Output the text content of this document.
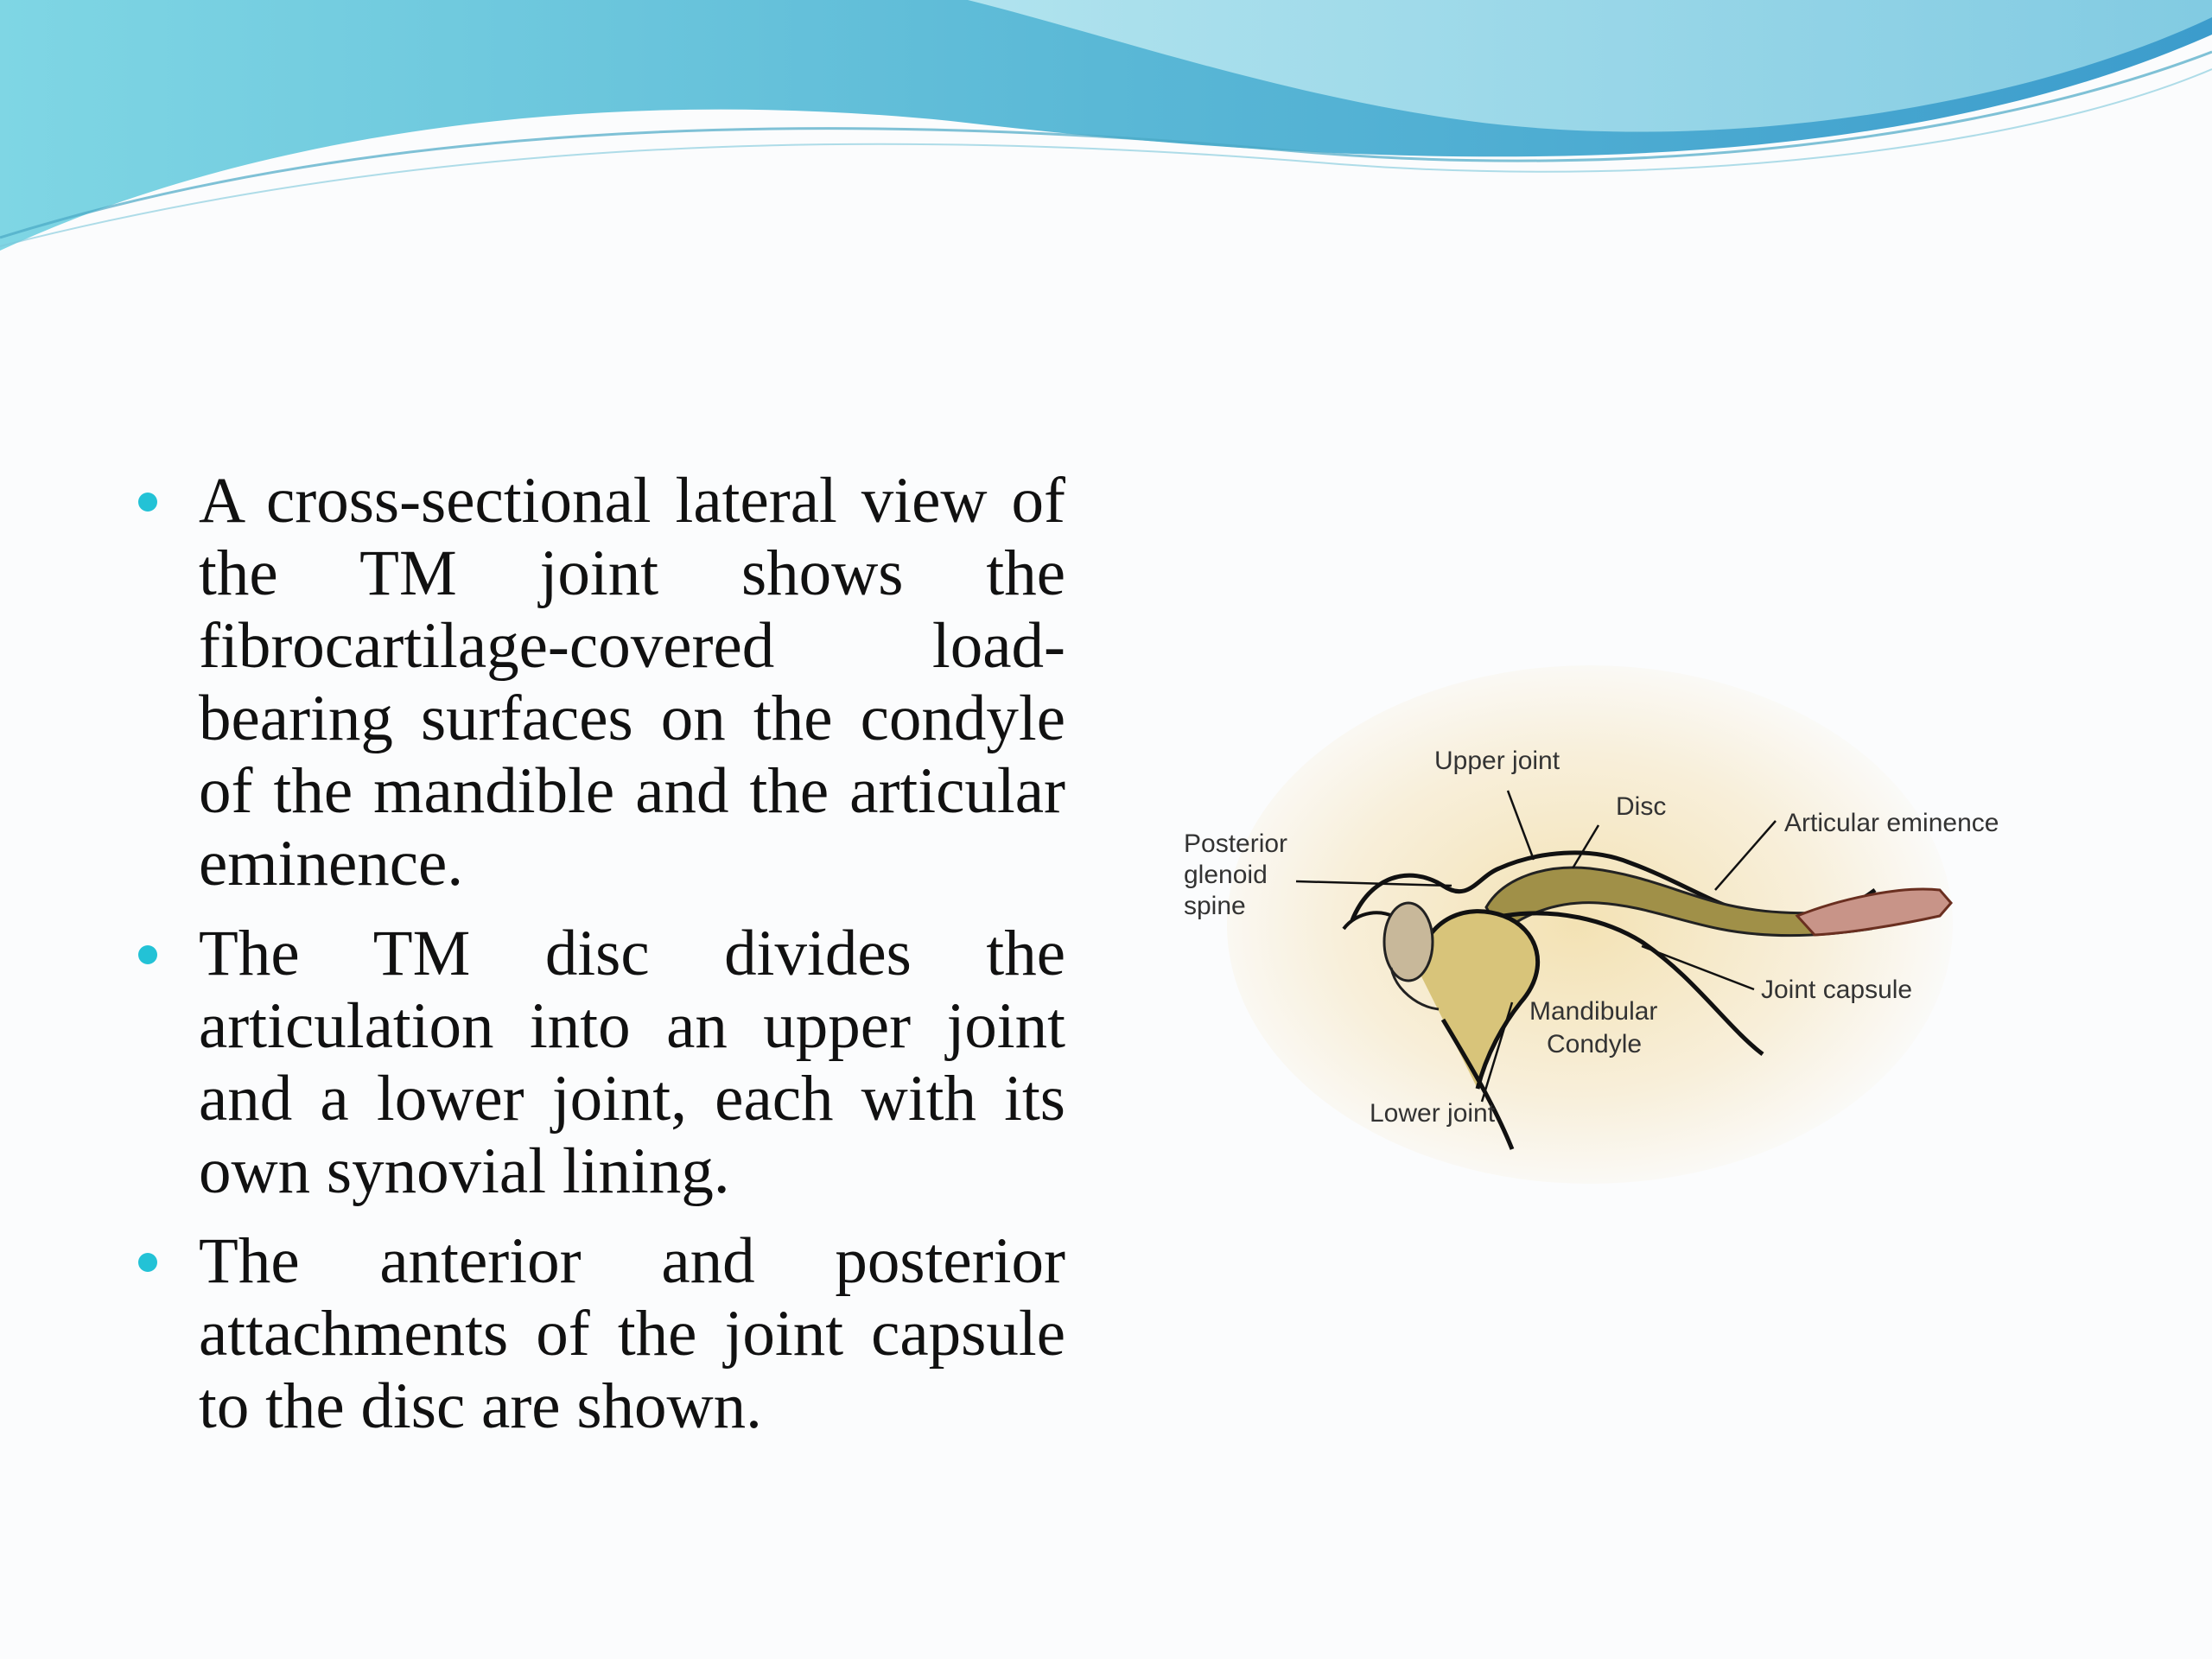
A cross-sectional lateral view of the TM joint shows the fibrocartilage-covered load-bearing surfaces on the condyle of the mandible and the articular eminence.
The TM disc divides the articulation into an upper joint and a lower joint, each with its own synovial lining.
The anterior and posterior attachments of the joint capsule to the disc are shown.
Upper joint
Disc
Articular eminence
Posterior
glenoid
spine
Joint capsule
Mandibular
Condyle
Lower joint
